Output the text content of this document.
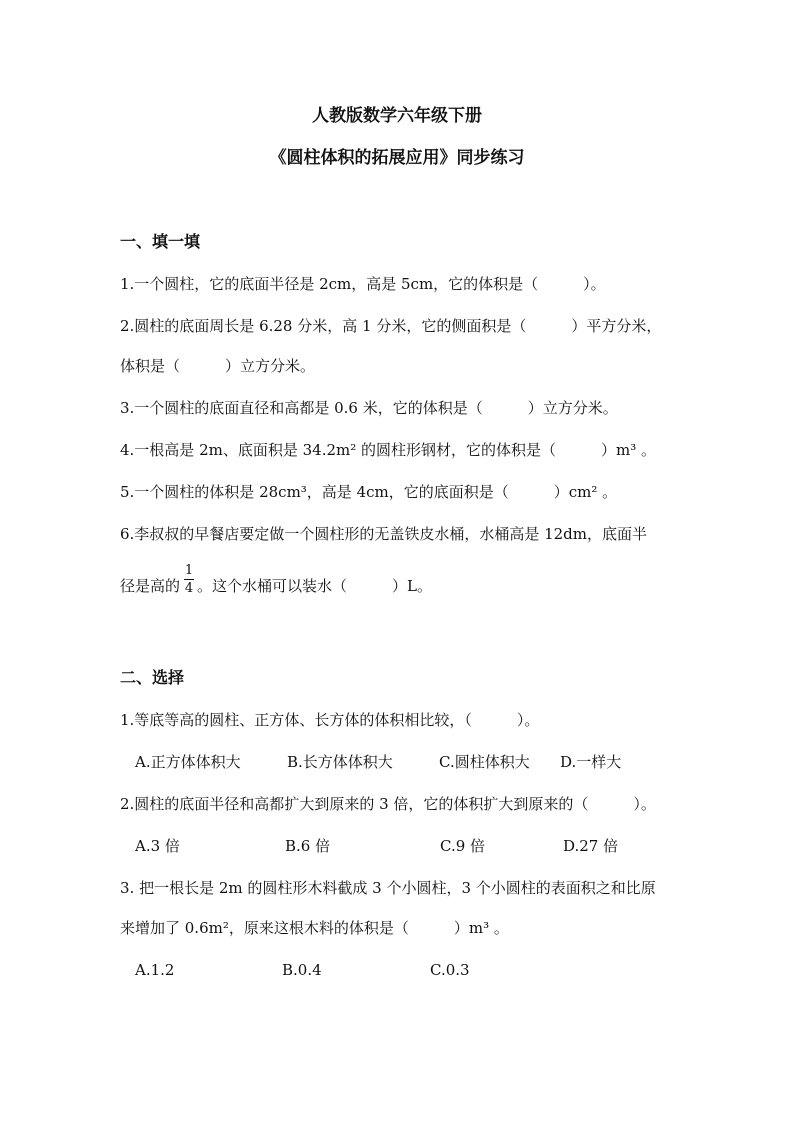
人教版数学六年级下册
《圆柱体积的拓展应用》同步练习
一、填一填
1.一个圆柱，它的底面半径是 2cm，高是 5cm，它的体积是（　　　）。
2.圆柱的底面周长是 6.28 分米，高 1 分米，它的侧面积是（　　　）平方分米，
体积是（　　　）立方分米。
3.一个圆柱的底面直径和高都是 0.6 米，它的体积是（　　　）立方分米。
4.一根高是 2m、底面积是 34.2m² 的圆柱形钢材，它的体积是（　　　）m³ 。
5.一个圆柱的体积是 28cm³，高是 4cm，它的底面积是（　　　）cm² 。
6.李叔叔的早餐店要定做一个圆柱形的无盖铁皮水桶，水桶高是 12dm，底面半
径是高的
1
4 。这个水桶可以装水（　　　）L。
二、选择
1.等底等高的圆柱、正方体、长方体的体积相比较，（　　　）。
A.正方体体积大	B.长方体体积大	C.圆柱体积大 D.一样大
2.圆柱的底面半径和高都扩大到原来的 3 倍，它的体积扩大到原来的（　　　）。
A.3 倍	B.6 倍	C.9 倍	D.27 倍
3. 把一根长是 2m 的圆柱形木料截成 3 个小圆柱，3 个小圆柱的表面积之和比原
来增加了 0.6m²，原来这根木料的体积是（　　　）m³ 。
A.1.2	B.0.4	C.0.3
